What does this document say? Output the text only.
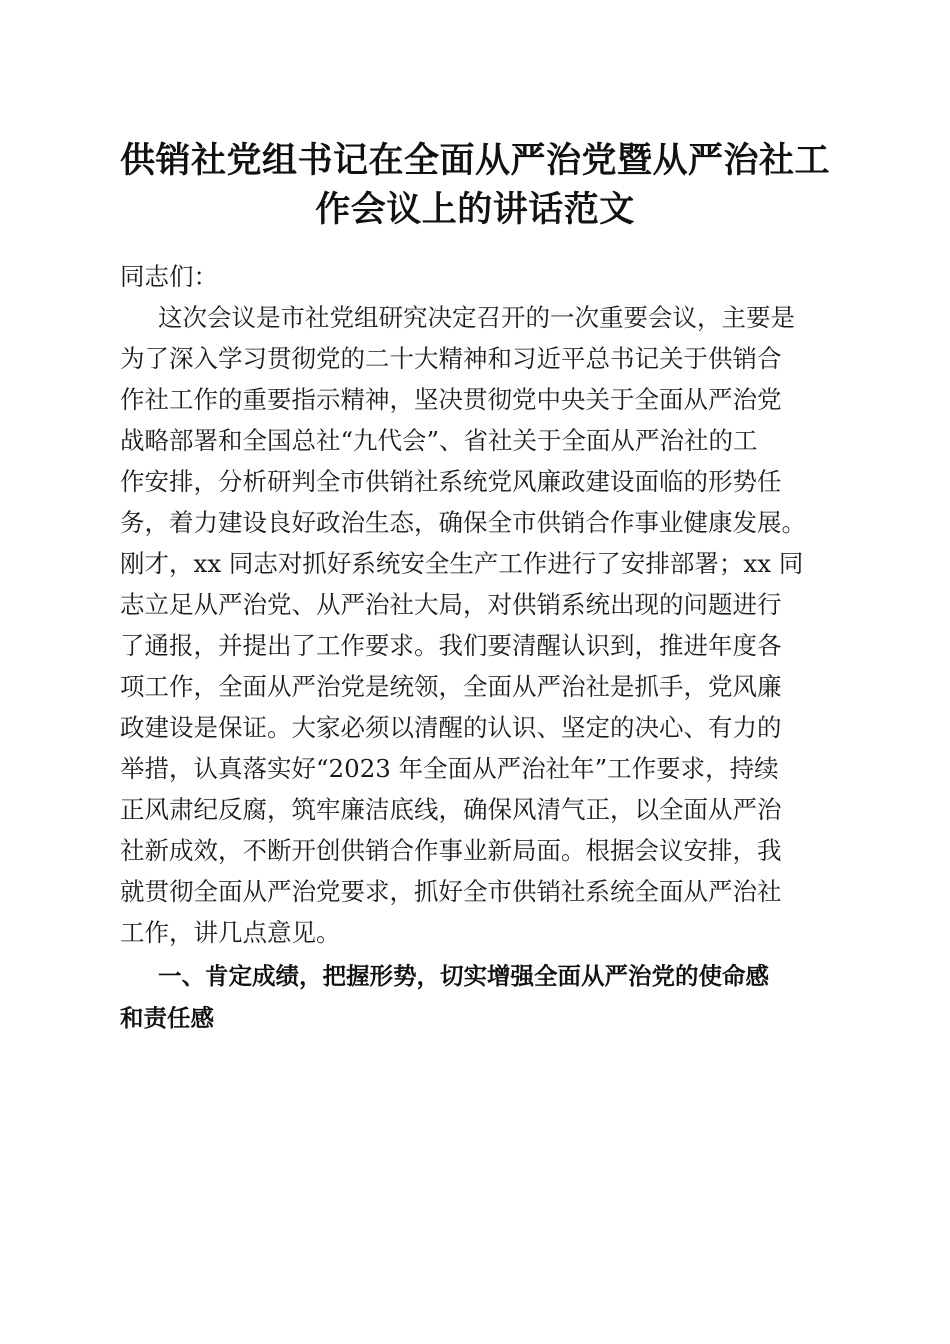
供销社党组书记在全面从严治党暨从严治社工
作会议上的讲话范文

同志们：

这次会议是市社党组研究决定召开的一次重要会议，主要是
为了深入学习贯彻党的二十大精神和习近平总书记关于供销合
作社工作的重要指示精神，坚决贯彻党中央关于全面从严治党
战略部署和全国总社“九代会”、省社关于全面从严治社的工
作安排，分析研判全市供销社系统党风廉政建设面临的形势任
务，着力建设良好政治生态，确保全市供销合作事业健康发展。
刚才，xx 同志对抓好系统安全生产工作进行了安排部署；xx 同
志立足从严治党、从严治社大局，对供销系统出现的问题进行
了通报，并提出了工作要求。我们要清醒认识到，推进年度各
项工作，全面从严治党是统领，全面从严治社是抓手，党风廉
政建设是保证。大家必须以清醒的认识、坚定的决心、有力的
举措，认真落实好“2023 年全面从严治社年”工作要求，持续
正风肃纪反腐，筑牢廉洁底线，确保风清气正，以全面从严治
社新成效，不断开创供销合作事业新局面。根据会议安排，我
就贯彻全面从严治党要求，抓好全市供销社系统全面从严治社
工作，讲几点意见。

一、肯定成绩，把握形势，切实增强全面从严治党的使命感
和责任感
